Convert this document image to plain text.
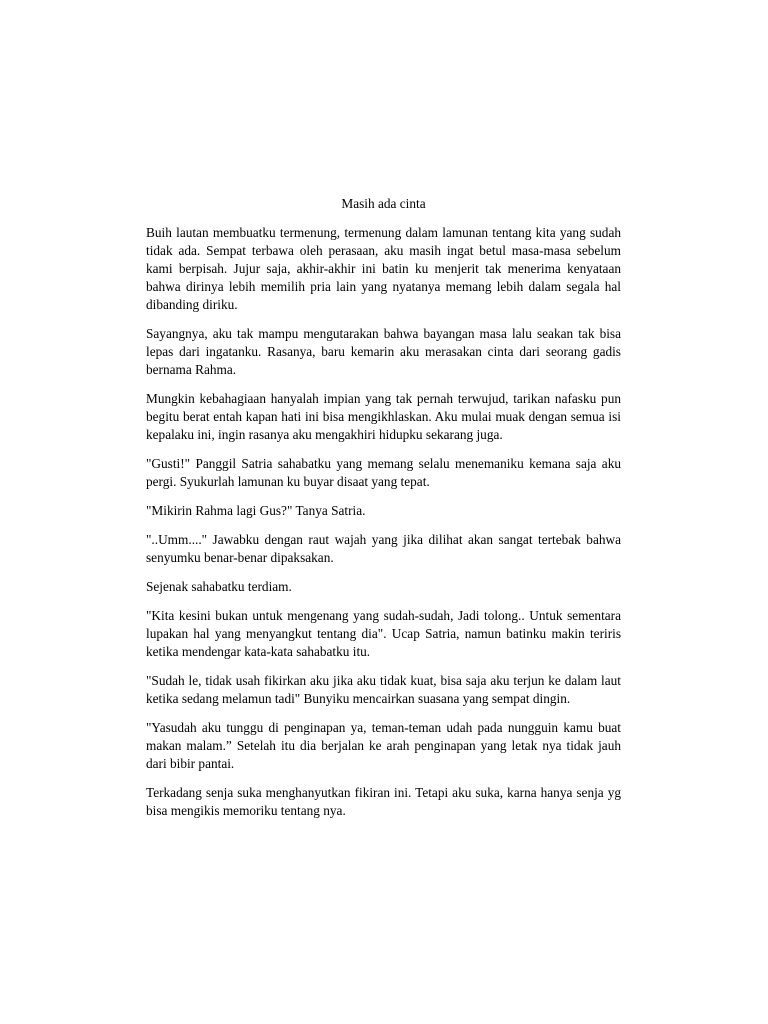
Masih ada cinta

Buih lautan membuatku termenung, termenung dalam lamunan tentang kita yang sudah tidak ada. Sempat terbawa oleh perasaan, aku masih ingat betul masa-masa sebelum kami berpisah. Jujur saja, akhir-akhir ini batin ku menjerit tak menerima kenyataan bahwa dirinya lebih memilih pria lain yang nyatanya memang lebih dalam segala hal dibanding diriku.

Sayangnya, aku tak mampu mengutarakan bahwa bayangan masa lalu seakan tak bisa lepas dari ingatanku. Rasanya, baru kemarin aku merasakan cinta dari seorang gadis bernama Rahma.

Mungkin kebahagiaan hanyalah impian yang tak pernah terwujud, tarikan nafasku pun begitu berat entah kapan hati ini bisa mengikhlaskan. Aku mulai muak dengan semua isi kepalaku ini, ingin rasanya aku mengakhiri hidupku sekarang juga.

"Gusti!" Panggil Satria sahabatku yang memang selalu menemaniku kemana saja aku pergi. Syukurlah lamunan ku buyar disaat yang tepat.

"Mikirin Rahma lagi Gus?" Tanya Satria.

"..Umm...." Jawabku dengan raut wajah yang jika dilihat akan sangat tertebak bahwa senyumku benar-benar dipaksakan.

Sejenak sahabatku terdiam.

"Kita kesini bukan untuk mengenang yang sudah-sudah, Jadi tolong.. Untuk sementara lupakan hal yang menyangkut tentang dia". Ucap Satria, namun batinku makin teriris ketika mendengar kata-kata sahabatku itu.

"Sudah le, tidak usah fikirkan aku jika aku tidak kuat, bisa saja aku terjun ke dalam laut ketika sedang melamun tadi" Bunyiku mencairkan suasana yang sempat dingin.

"Yasudah aku tunggu di penginapan ya, teman-teman udah pada nungguin kamu buat makan malam.” Setelah itu dia berjalan ke arah penginapan yang letak nya tidak jauh dari bibir pantai.

Terkadang senja suka menghanyutkan fikiran ini. Tetapi aku suka, karna hanya senja yg bisa mengikis memoriku tentang nya.
